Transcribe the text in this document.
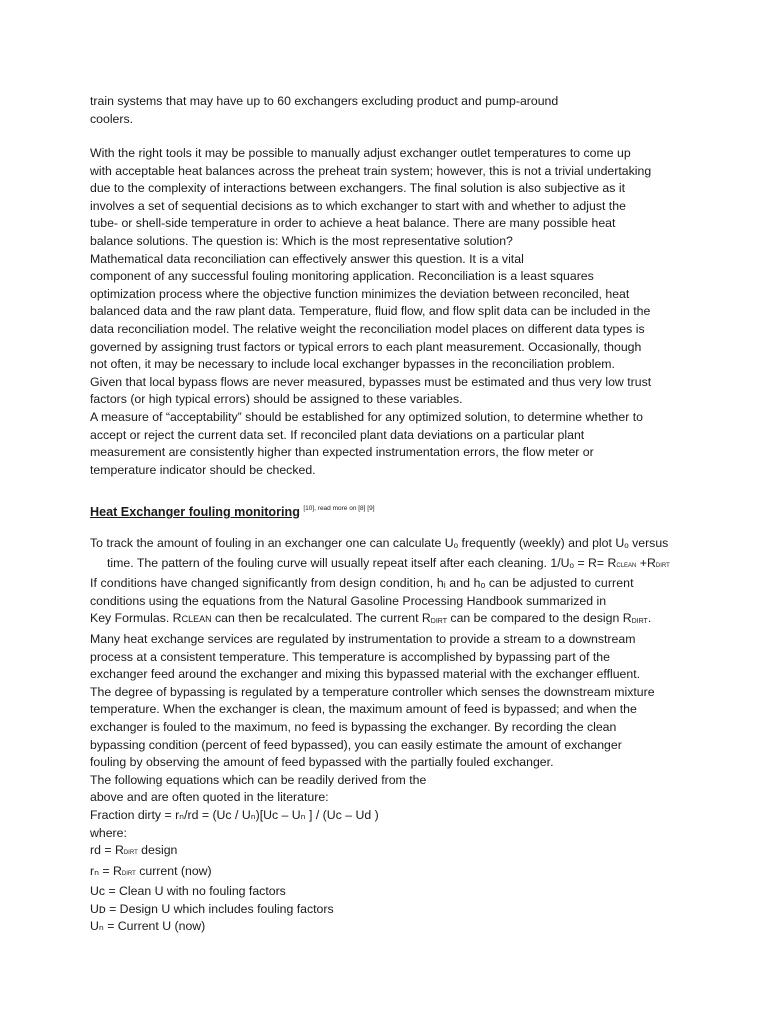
train systems that may have up to 60 exchangers excluding product and pump-around
coolers.
With the right tools it may be possible to manually adjust exchanger outlet temperatures to come up
with acceptable heat balances across the preheat train system; however, this is not a trivial undertaking
due to the complexity of interactions between exchangers. The final solution is also subjective as it
involves a set of sequential decisions as to which exchanger to start with and whether to adjust the
tube- or shell-side temperature in order to achieve a heat balance. There are many possible heat
balance solutions. The question is: Which is the most representative solution?
Mathematical data reconciliation can effectively answer this question. It is a vital
component of any successful fouling monitoring application. Reconciliation is a least squares
optimization process where the objective function minimizes the deviation between reconciled, heat
balanced data and the raw plant data. Temperature, fluid flow, and flow split data can be included in the
data reconciliation model. The relative weight the reconciliation model places on different data types is
governed by assigning trust factors or typical errors to each plant measurement. Occasionally, though
not often, it may be necessary to include local exchanger bypasses in the reconciliation problem.
Given that local bypass flows are never measured, bypasses must be estimated and thus very low trust
factors (or high typical errors) should be assigned to these variables.
A measure of “acceptability” should be established for any optimized solution, to determine whether to
accept or reject the current data set. If reconciled plant data deviations on a particular plant
measurement are consistently higher than expected instrumentation errors, the flow meter or
temperature indicator should be checked.
Heat Exchanger fouling monitoring [10], read more on [8] [9]
To track the amount of fouling in an exchanger one can calculate Uo frequently (weekly) and plot Uo versus
time. The pattern of the fouling curve will usually repeat itself after each cleaning. 1/Uo = R= RCLEAN +RDIRT
If conditions have changed significantly from design condition, hᵢ and hₒ can be adjusted to current
conditions using the equations from the Natural Gasoline Processing Handbook summarized in
Key Formulas. RCLEAN can then be recalculated. The current RDIRT can be compared to the design RDIRT.
Many heat exchange services are regulated by instrumentation to provide a stream to a downstream
process at a consistent temperature. This temperature is accomplished by bypassing part of the
exchanger feed around the exchanger and mixing this bypassed material with the exchanger effluent.
The degree of bypassing is regulated by a temperature controller which senses the downstream mixture
temperature. When the exchanger is clean, the maximum amount of feed is bypassed; and when the
exchanger is fouled to the maximum, no feed is bypassing the exchanger. By recording the clean
bypassing condition (percent of feed bypassed), you can easily estimate the amount of exchanger
fouling by observing the amount of feed bypassed with the partially fouled exchanger.
The following equations which can be readily derived from the
above and are often quoted in the literature:
Fraction dirty = rₙ/rd = (Uc / Uₙ)[Uc – Uₙ ] / (Uc – Ud )
where:
rd = RDIRT design
rₙ = RDIRT current (now)
Uc = Clean U with no fouling factors
Uᴅ = Design U which includes fouling factors
Uₙ = Current U (now)
